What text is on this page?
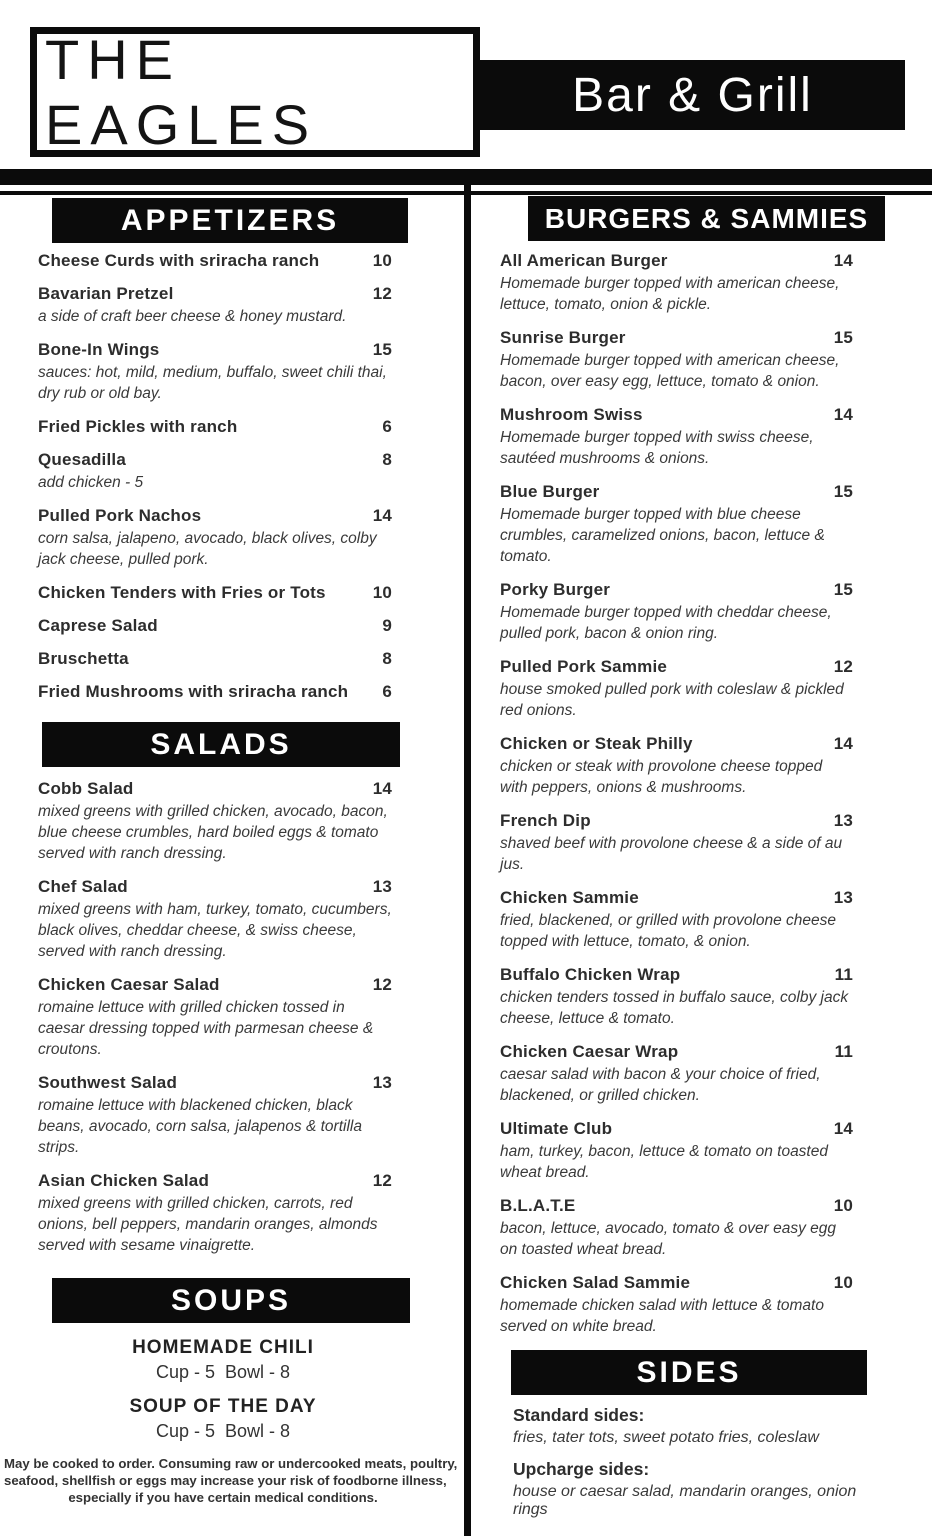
Bar & Grill
THE EAGLES
APPETIZERS
Cheese Curds with sriracha ranch	10
Bavarian Pretzel	12
a side of craft beer cheese & honey mustard.
Bone-In Wings	15
sauces: hot, mild, medium, buffalo, sweet chili thai, dry rub or old bay.
Fried Pickles with ranch	6
Quesadilla	8
add chicken - 5
Pulled Pork Nachos	14
corn salsa, jalapeno, avocado, black olives, colby jack cheese, pulled pork.
Chicken Tenders with Fries or Tots	10
Caprese Salad	9
Bruschetta	8
Fried Mushrooms with sriracha ranch 6
SALADS
Cobb Salad	14
mixed greens with grilled chicken, avocado, bacon, blue cheese crumbles, hard boiled eggs & tomato served with ranch dressing.
Chef Salad	13
mixed greens with ham, turkey, tomato, cucumbers, black olives, cheddar cheese, & swiss cheese, served with ranch dressing.
Chicken Caesar Salad	12
romaine lettuce with grilled chicken tossed in caesar dressing topped with parmesan cheese & croutons.
Southwest Salad	13
romaine lettuce with blackened chicken, black beans, avocado, corn salsa, jalapenos & tortilla strips.
Asian Chicken Salad	12
mixed greens with grilled chicken, carrots, red onions, bell peppers, mandarin oranges, almonds served with sesame vinaigrette.
SOUPS
HOMEMADE CHILI
Cup - 5  Bowl - 8
SOUP OF THE DAY
Cup - 5  Bowl - 8
May be cooked to order. Consuming raw or undercooked meats, poultry,
seafood, shellfish or eggs may increase your risk of foodborne illness,
especially if you have certain medical conditions.
BURGERS & SAMMIES
All American Burger	14
Homemade burger topped with american cheese, lettuce, tomato, onion & pickle.
Sunrise Burger	15
Homemade burger topped with american cheese, bacon, over easy egg, lettuce, tomato & onion.
Mushroom Swiss	14
Homemade burger topped with swiss cheese, sautéed mushrooms & onions.
Blue Burger	15
Homemade burger topped with blue cheese crumbles, caramelized onions, bacon, lettuce & tomato.
Porky Burger	15
Homemade burger topped with cheddar cheese, pulled pork, bacon & onion ring.
Pulled Pork Sammie	12
house smoked pulled pork with coleslaw & pickled red onions.
Chicken or Steak Philly	14
chicken or steak with provolone cheese topped with peppers, onions & mushrooms.
French Dip	13
shaved beef with provolone cheese & a side of au jus.
Chicken Sammie	13
fried, blackened, or grilled with provolone cheese topped with lettuce, tomato, & onion.
Buffalo Chicken Wrap	11
chicken tenders tossed in buffalo sauce, colby jack cheese, lettuce & tomato.
Chicken Caesar Wrap	11
caesar salad with bacon & your choice of fried, blackened, or grilled chicken.
Ultimate Club	14
ham, turkey, bacon, lettuce & tomato on toasted wheat bread.
B.L.A.T.E	10
bacon, lettuce, avocado, tomato & over easy egg on toasted wheat bread.
Chicken Salad Sammie	10
homemade chicken salad with lettuce & tomato served on white bread.
SIDES
Standard sides:
fries, tater tots, sweet potato fries, coleslaw
Upcharge sides:
house or caesar salad, mandarin oranges, onion rings
